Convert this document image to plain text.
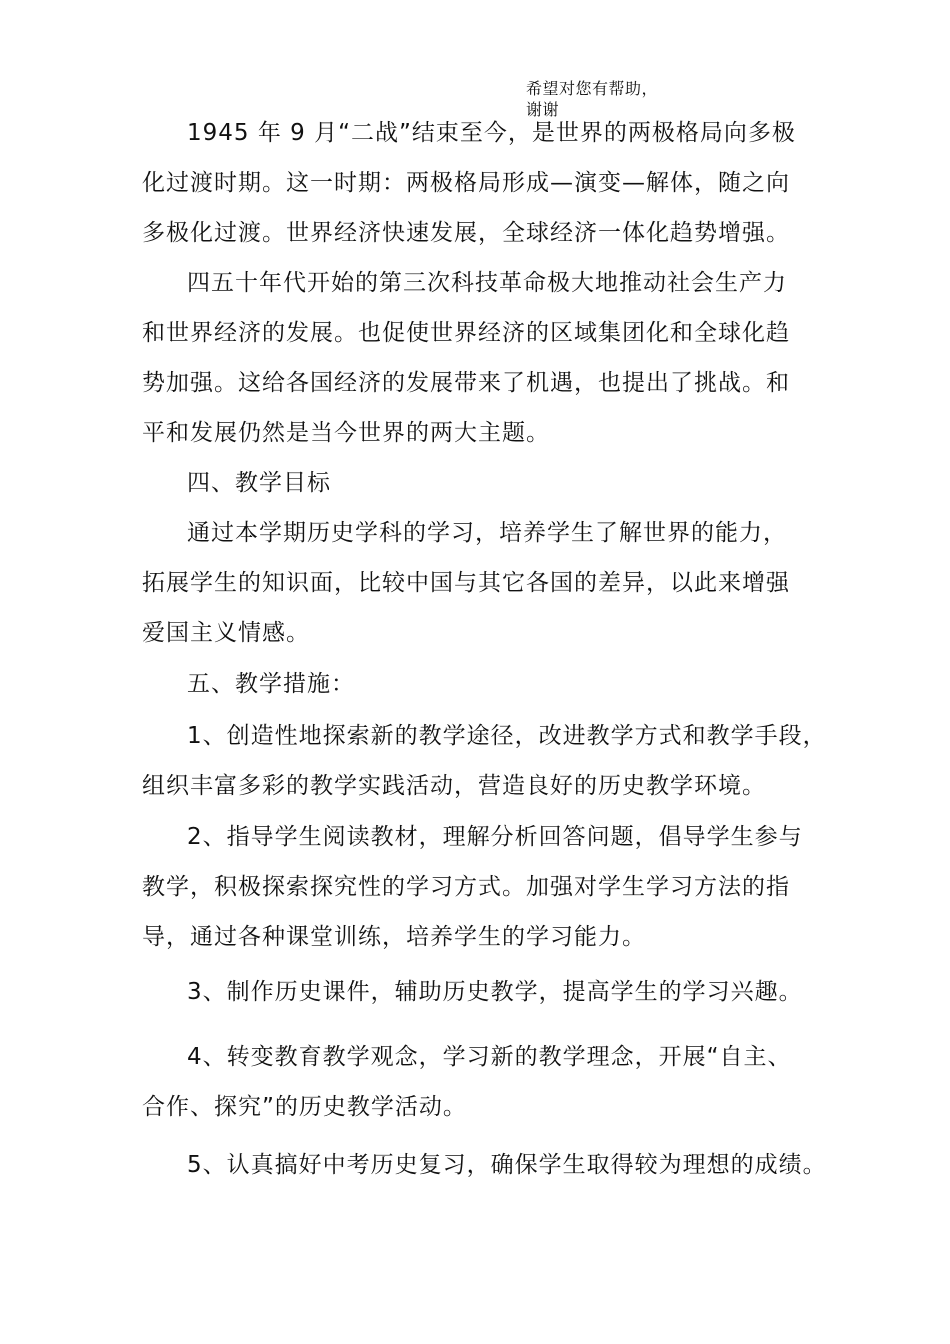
希望对您有帮助，
谢谢
1945 年 9 月“二战”结束至今，是世界的两极格局向多极
化过渡时期。这一时期：两极格局形成—演变—解体，随之向
多极化过渡。世界经济快速发展，全球经济一体化趋势增强。
四五十年代开始的第三次科技革命极大地推动社会生产力
和世界经济的发展。也促使世界经济的区域集团化和全球化趋
势加强。这给各国经济的发展带来了机遇，也提出了挑战。和
平和发展仍然是当今世界的两大主题。
四、教学目标
通过本学期历史学科的学习，培养学生了解世界的能力，
拓展学生的知识面，比较中国与其它各国的差异，以此来增强
爱国主义情感。
五、教学措施：
1、创造性地探索新的教学途径，改进教学方式和教学手段，
组织丰富多彩的教学实践活动，营造良好的历史教学环境。
2、指导学生阅读教材，理解分析回答问题，倡导学生参与
教学，积极探索探究性的学习方式。加强对学生学习方法的指
导，通过各种课堂训练，培养学生的学习能力。
3、制作历史课件，辅助历史教学，提高学生的学习兴趣。
4、转变教育教学观念，学习新的教学理念，开展“自主、
合作、探究”的历史教学活动。
5、认真搞好中考历史复习，确保学生取得较为理想的成绩。
